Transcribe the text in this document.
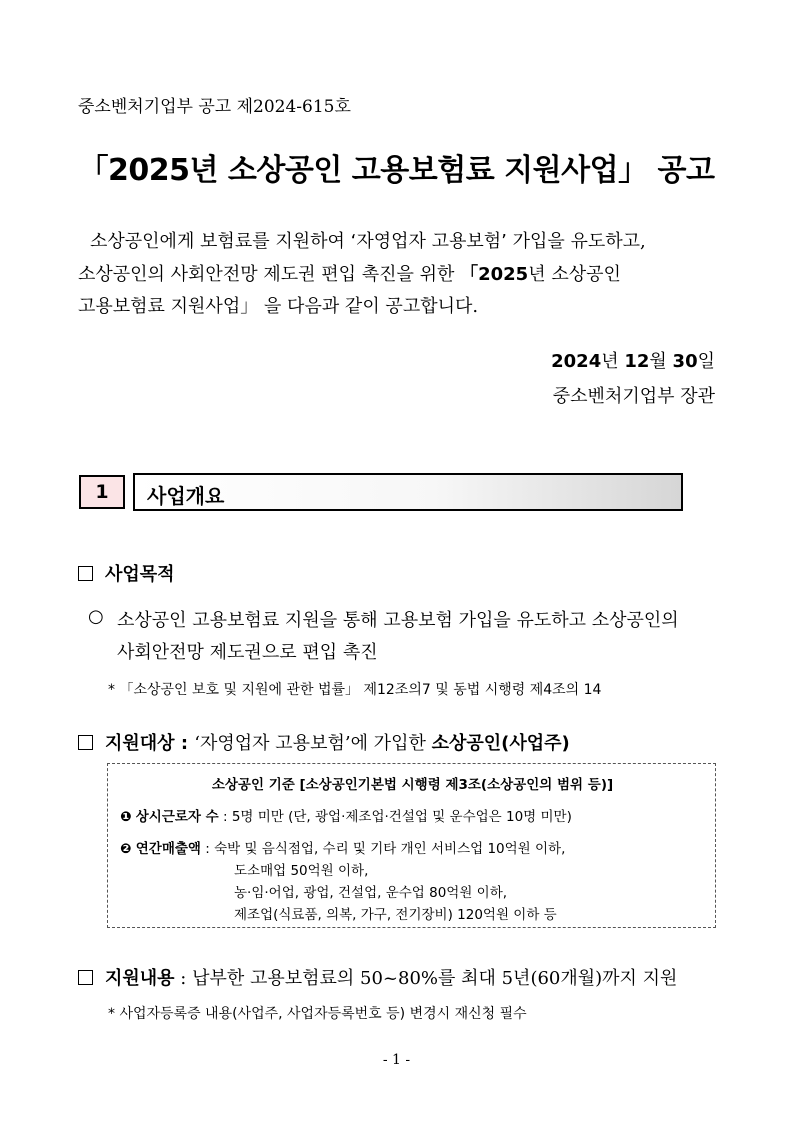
중소벤처기업부 공고 제2024-615호
「2025년 소상공인 고용보험료 지원사업」 공고
소상공인에게 보험료를 지원하여 ‘자영업자 고용보험’ 가입을 유도하고,
소상공인의 사회안전망 제도권 편입 촉진을 위한 「2025년 소상공인
고용보험료 지원사업」 을 다음과 같이 공고합니다.
2024년 12월 30일
중소벤처기업부 장관
1	사업개요
사업목적
○ 소상공인 고용보험료 지원을 통해 고용보험 가입을 유도하고 소상공인의
사회안전망 제도권으로 편입 촉진
* 「소상공인 보호 및 지원에 관한 법률」 제12조의7 및 동법 시행령 제4조의 14
지원대상 : ‘자영업자 고용보험’에 가입한 소상공인(사업주)
소상공인 기준 [소상공인기본법 시행령 제3조(소상공인의 범위 등)]
❶ 상시근로자 수 : 5명 미만 (단, 광업·제조업·건설업 및 운수업은 10명 미만)
❷ 연간매출액 : 숙박 및 음식점업, 수리 및 기타 개인 서비스업 10억원 이하,
도소매업 50억원 이하,
농·임·어업, 광업, 건설업, 운수업 80억원 이하,
제조업(식료품, 의복, 가구, 전기장비) 120억원 이하 등
지원내용 : 납부한 고용보험료의 50~80%를 최대 5년(60개월)까지 지원
* 사업자등록증 내용(사업주, 사업자등록번호 등) 변경시 재신청 필수
- 1 -
